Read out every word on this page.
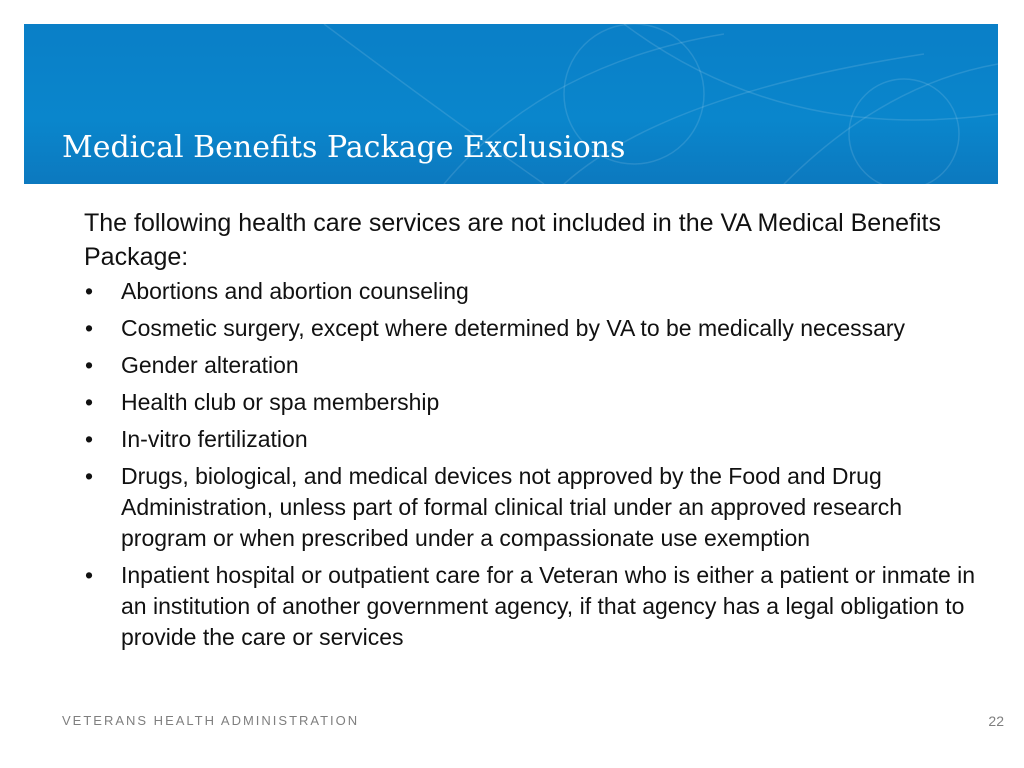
Medical Benefits Package Exclusions

The following health care services are not included in the VA Medical Benefits Package:

• Abortions and abortion counseling
• Cosmetic surgery, except where determined by VA to be medically necessary
• Gender alteration
• Health club or spa membership
• In-vitro fertilization
• Drugs, biological, and medical devices not approved by the Food and Drug Administration, unless part of formal clinical trial under an approved research program or when prescribed under a compassionate use exemption
• Inpatient hospital or outpatient care for a Veteran who is either a patient or inmate in an institution of another government agency, if that agency has a legal obligation to provide the care or services
VETERANS HEALTH ADMINISTRATION	22
